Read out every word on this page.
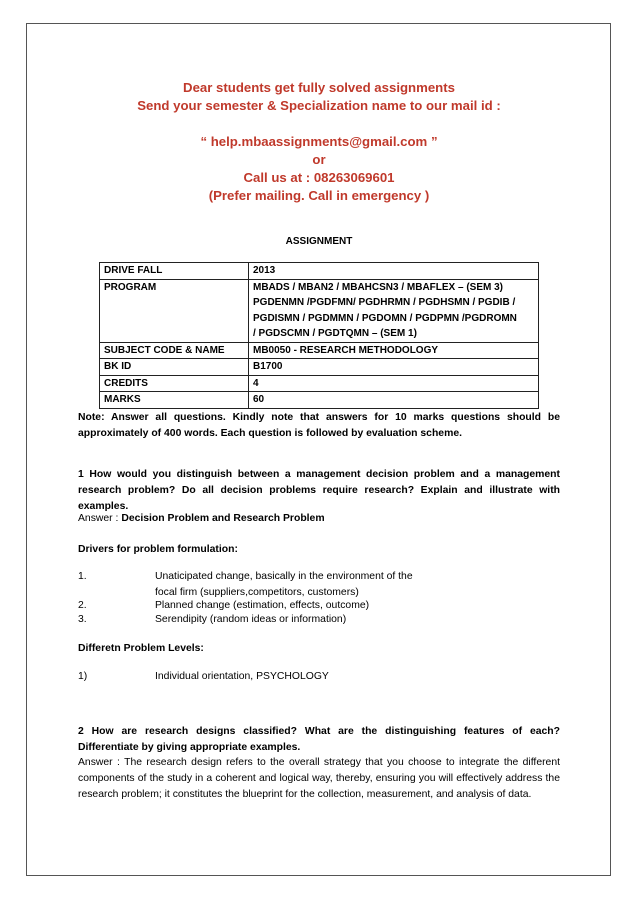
Dear students get fully solved assignments
Send your semester & Specialization name to our mail id :
“ help.mbaassignments@gmail.com ”
or
Call us at : 08263069601
(Prefer mailing. Call in emergency )
ASSIGNMENT
DRIVE FALL	2013
PROGRAM	MBADS / MBAN2 / MBAHCSN3 / MBAFLEX – (SEM 3)
PGDENMN /PGDFMN/ PGDHRMN / PGDHSMN / PGDIB /
PGDISMN / PGDMMN / PGDOMN / PGDPMN /PGDROMN
/ PGDSCMN / PGDTQMN – (SEM 1)

SUBJECT CODE & NAME	MB0050 - RESEARCH METHODOLOGY
BK ID	B1700
CREDITS	4
MARKS	60
Note: Answer all questions. Kindly note that answers for 10 marks questions should be approximately of 400 words. Each question is followed by evaluation scheme.
1 How would you distinguish between a management decision problem and a management research problem? Do all decision problems require research? Explain and illustrate with examples.
Answer : Decision Problem and Research Problem
Drivers for problem formulation:
1.	Unaticipated change, basically in the environment of the
focal firm (suppliers,competitors, customers)
2.	Planned change (estimation, effects, outcome)
3.	Serendipity (random ideas or information)
Differetn Problem Levels:
1)	Individual orientation, PSYCHOLOGY
2 How are research designs classified? What are the distinguishing features of each? Differentiate by giving appropriate examples.
Answer : The research design refers to the overall strategy that you choose to integrate the different components of the study in a coherent and logical way, thereby, ensuring you will effectively address the research problem; it constitutes the blueprint for the collection, measurement, and analysis of data.
